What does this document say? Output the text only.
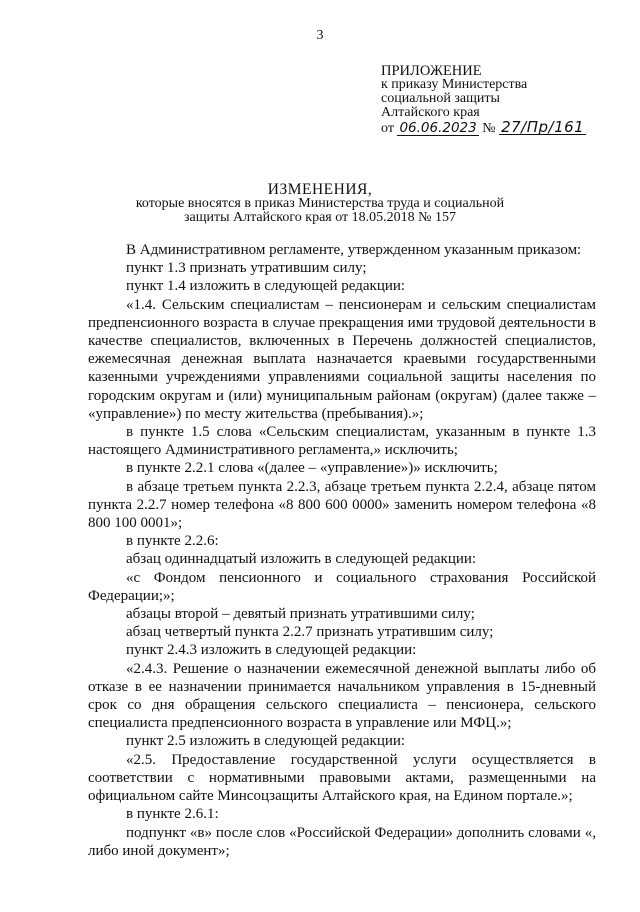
3
ПРИЛОЖЕНИЕ
к приказу Министерства
социальной защиты
Алтайского края
от 06.06.2023 № 27/Пр/161
ИЗМЕНЕНИЯ,
которые вносятся в приказ Министерства труда и социальной
защиты Алтайского края от 18.05.2018 № 157

В Административном регламенте, утвержденном указанным приказом:

пункт 1.3 признать утратившим силу;

пункт 1.4 изложить в следующей редакции:

«1.4. Сельским специалистам – пенсионерам и сельским специалистам предпенсионного возраста в случае прекращения ими трудовой деятельности в качестве специалистов, включенных в Перечень должностей специалистов, ежемесячная денежная выплата назначается краевыми государственными казенными учреждениями управлениями социальной защиты населения по городским округам и (или) муниципальным районам (округам) (далее также – «управление») по месту жительства (пребывания).»;

в пункте 1.5 слова «Сельским специалистам, указанным в пункте 1.3 настоящего Административного регламента,» исключить;

в пункте 2.2.1 слова «(далее – «управление»)» исключить;

в абзаце третьем пункта 2.2.3, абзаце третьем пункта 2.2.4, абзаце пятом пункта 2.2.7 номер телефона «8 800 600 0000» заменить номером телефона «8 800 100 0001»;

в пункте 2.2.6:

абзац одиннадцатый изложить в следующей редакции:

«с Фондом пенсионного и социального страхования Российской Федерации;»;

абзацы второй – девятый признать утратившими силу;

абзац четвертый пункта 2.2.7 признать утратившим силу;

пункт 2.4.3 изложить в следующей редакции:

«2.4.3. Решение о назначении ежемесячной денежной выплаты либо об отказе в ее назначении принимается начальником управления в 15-дневный срок со дня обращения сельского специалиста – пенсионера, сельского специалиста предпенсионного возраста в управление или МФЦ.»;

пункт 2.5 изложить в следующей редакции:

«2.5. Предоставление государственной услуги осуществляется в соответствии с нормативными правовыми актами, размещенными на официальном сайте Минсоцзащиты Алтайского края, на Едином портале.»;

в пункте 2.6.1:

подпункт «в» после слов «Российской Федерации» дополнить словами «, либо иной документ»;
